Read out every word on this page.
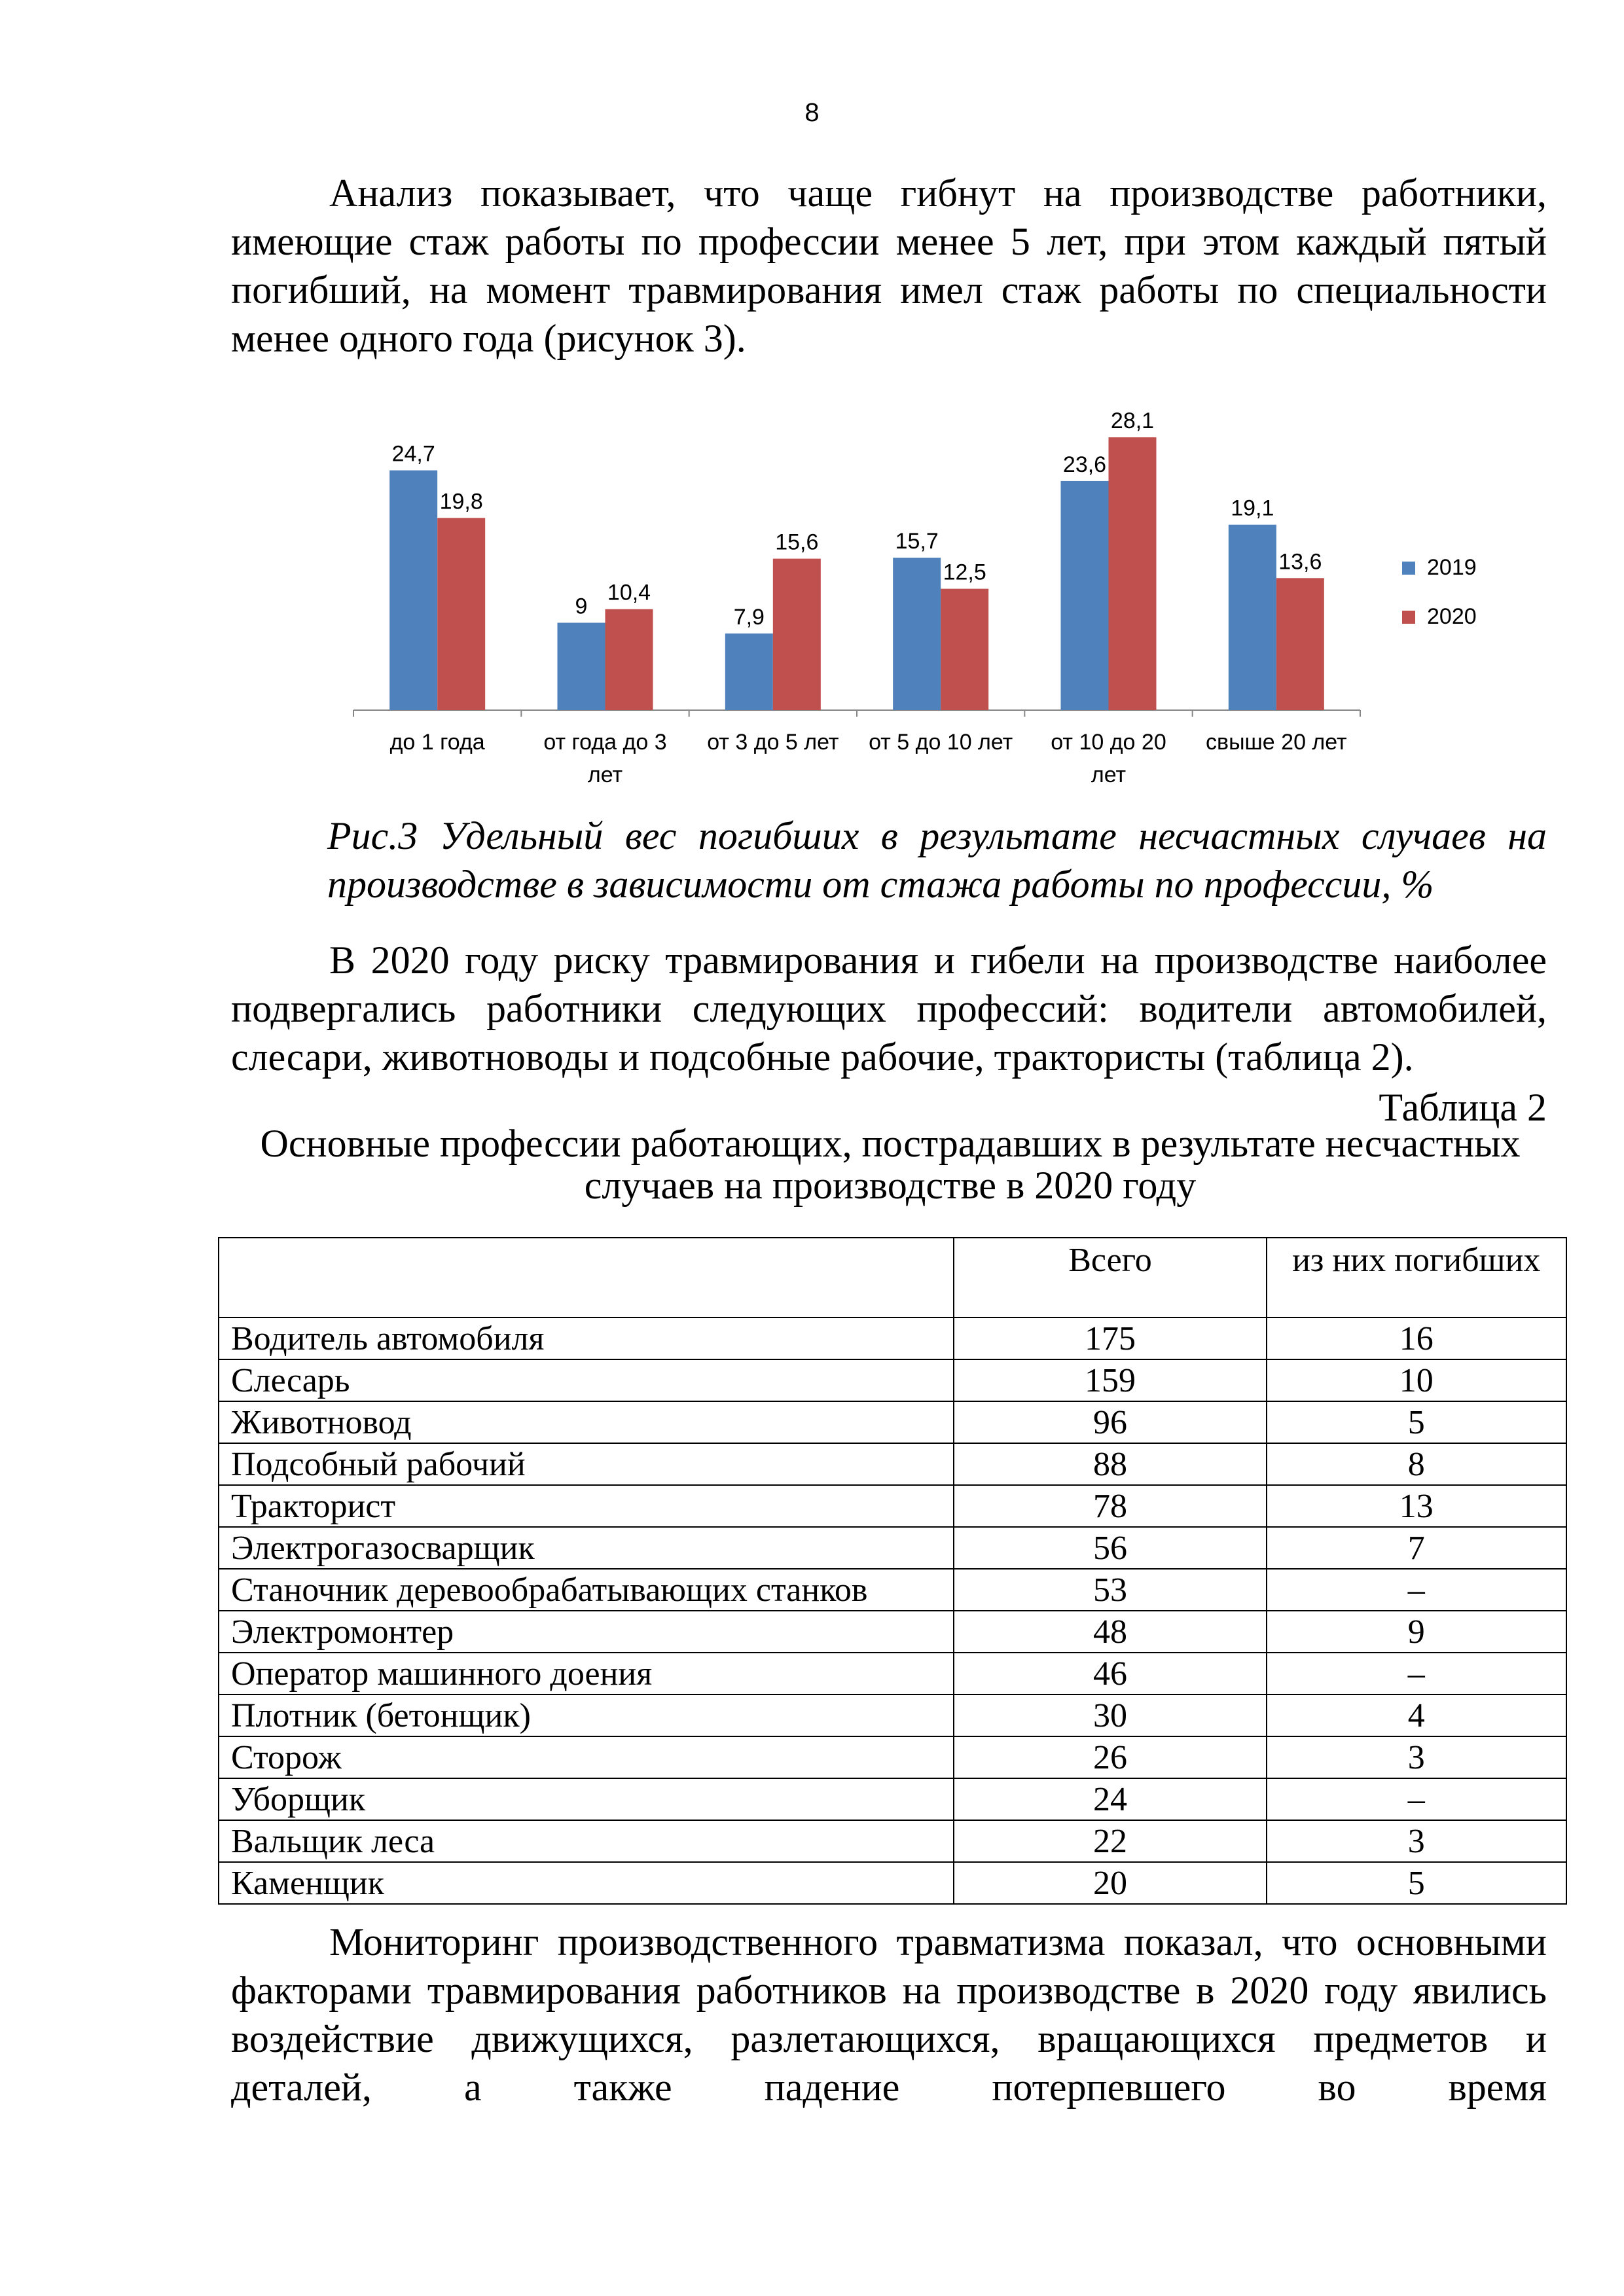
8

Анализ показывает, что чаще гибнут на производстве работники, имеющие стаж работы по профессии менее 5 лет, при этом каждый пятый погибший, на момент травмирования имел стаж работы по специальности менее одного года (рисунок 3).

24,7
19,8
до 1 года
9
10,4
от года до 3
лет
7,9
15,6
от 3 до 5 лет
15,7
12,5
от 5 до 10 лет
23,6
28,1
от 10 до 20
лет
19,1
13,6
свыше 20 лет
2019
2020

Рис.3 Удельный вес погибших в результате несчастных случаев на производстве в зависимости от стажа работы по профессии, %

В 2020 году риску травмирования и гибели на производстве наиболее подвергались работники следующих профессий: водители автомобилей, слесари, животноводы и подсобные рабочие, трактористы (таблица 2).

Таблица 2
Основные профессии работающих, пострадавших в результате несчастных
случаев на производстве в 2020 году
	Всего	из них погибших
Водитель автомобиля	175	16
Слесарь	159	10
Животновод	96	5
Подсобный рабочий	88	8
Тракторист	78	13
Электрогазосварщик	56	7
Станочник деревообрабатывающих станков	53	–
Электромонтер	48	9
Оператор машинного доения	46	–
Плотник (бетонщик)	30	4
Сторож	26	3
Уборщик	24	–
Вальщик леса	22	3
Каменщик	20	5

Мониторинг производственного травматизма показал, что основными факторами травмирования работников на производстве в 2020 году явились воздействие движущихся, разлетающихся, вращающихся предметов и деталей, а также падение потерпевшего во время
